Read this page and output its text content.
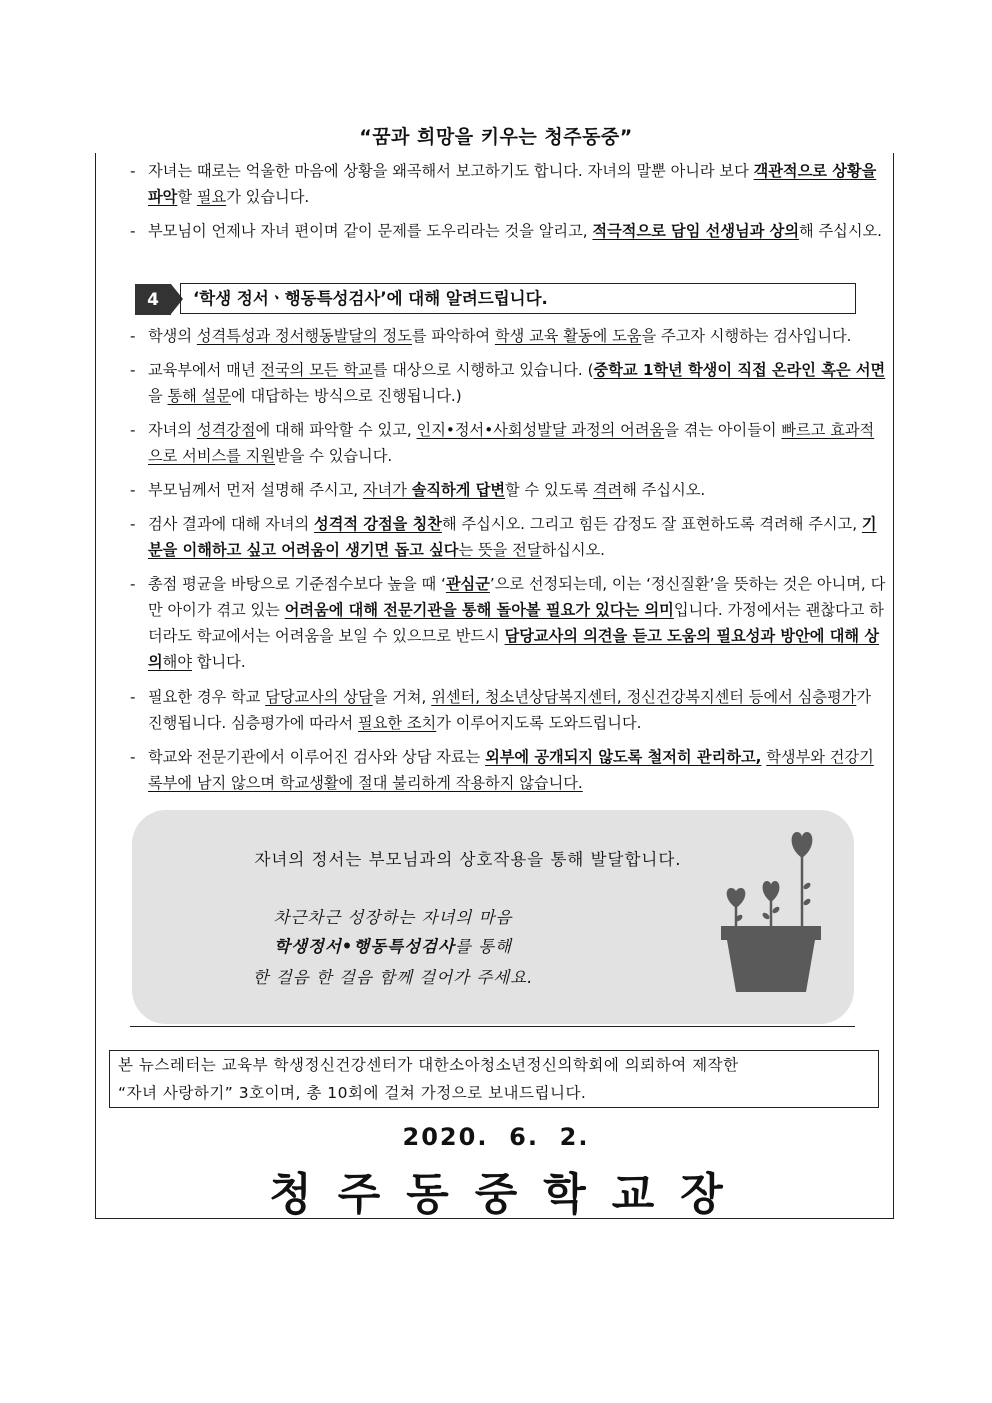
“꿈과 희망을 키우는 청주동중”
- 자녀는 때로는 억울한 마음에 상황을 왜곡해서 보고하기도 합니다. 자녀의 말뿐 아니라 보다 객관적으로 상황을 파악할 필요가 있습니다.
- 부모님이 언제나 자녀 편이며 같이 문제를 도우리라는 것을 알리고, 적극적으로 담임 선생님과 상의해 주십시오.
4	‘학생 정서ㆍ행동특성검사’에 대해 알려드립니다.
- 학생의 성격특성과 정서행동발달의 정도를 파악하여 학생 교육 활동에 도움을 주고자 시행하는 검사입니다.
- 교육부에서 매년 전국의 모든 학교를 대상으로 시행하고 있습니다. (중학교 1학년 학생이 직접 온라인 혹은 서면을 통해 설문에 대답하는 방식으로 진행됩니다.)
- 자녀의 성격강점에 대해 파악할 수 있고, 인지•정서•사회성발달 과정의 어려움을 겪는 아이들이 빠르고 효과적으로 서비스를 지원받을 수 있습니다.
- 부모님께서 먼저 설명해 주시고, 자녀가 솔직하게 답변할 수 있도록 격려해 주십시오.
- 검사 결과에 대해 자녀의 성격적 강점을 칭찬해 주십시오. 그리고 힘든 감정도 잘 표현하도록 격려해 주시고, 기분을 이해하고 싶고 어려움이 생기면 돕고 싶다는 뜻을 전달하십시오.
- 총점 평균을 바탕으로 기준점수보다 높을 때 ‘관심군’으로 선정되는데, 이는 ‘정신질환’을 뜻하는 것은 아니며, 다만 아이가 겪고 있는 어려움에 대해 전문기관을 통해 돌아볼 필요가 있다는 의미입니다. 가정에서는 괜찮다고 하더라도 학교에서는 어려움을 보일 수 있으므로 반드시 담당교사의 의견을 듣고 도움의 필요성과 방안에 대해 상의해야 합니다.
- 필요한 경우 학교 담당교사의 상담을 거쳐, 위센터, 청소년상담복지센터, 정신건강복지센터 등에서 심층평가가 진행됩니다. 심층평가에 따라서 필요한 조치가 이루어지도록 도와드립니다.
- 학교와 전문기관에서 이루어진 검사와 상담 자료는 외부에 공개되지 않도록 철저히 관리하고, 학생부와 건강기록부에 남지 않으며 학교생활에 절대 불리하게 작용하지 않습니다.
자녀의 정서는 부모님과의 상호작용을 통해 발달합니다.
차근차근 성장하는 자녀의 마음
학생정서•행동특성검사를 통해
한 걸음 한 걸음 함께 걸어가 주세요.
본 뉴스레터는 교육부 학생정신건강센터가 대한소아청소년정신의학회에 의뢰하여 제작한
“자녀 사랑하기” 3호이며, 총 10회에 걸쳐 가정으로 보내드립니다.
2020.  6.  2.
청주동중학교장
